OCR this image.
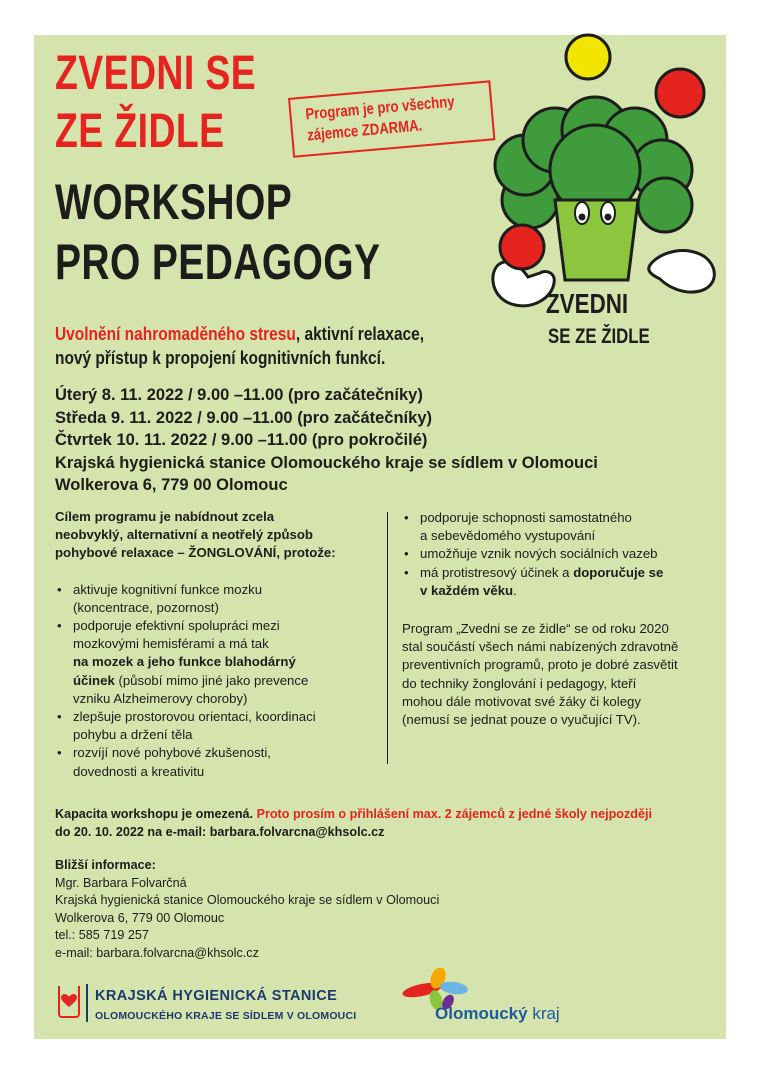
ZVEDNI SE
ZE ŽIDLE
WORKSHOP
PRO PEDAGOGY
Program je pro všechny
zájemce ZDARMA.
ZVEDNI
SE ZE ŽIDLE
Uvolnění nahromaděného stresu, aktivní relaxace,
nový přístup k propojení kognitivních funkcí.
Úterý 8. 11. 2022 / 9.00 –11.00 (pro začátečníky)
Středa 9. 11. 2022 / 9.00 –11.00 (pro začátečníky)
Čtvrtek 10. 11. 2022 / 9.00 –11.00 (pro pokročilé)
Krajská hygienická stanice Olomouckého kraje se sídlem v Olomouci
Wolkerova 6, 779 00 Olomouc
Cílem programu je nabídnout zcela
neobvyklý, alternativní a neotřelý způsob
pohybové relaxace – ŽONGLOVÁNÍ, protože:
• aktivuje kognitivní funkce mozku
(koncentrace, pozornost)
• podporuje efektivní spolupráci mezi
mozkovými hemisférami a má tak
na mozek a jeho funkce blahodárný
účinek (působí mimo jiné jako prevence
vzniku Alzheimerovy choroby)
• zlepšuje prostorovou orientaci, koordinaci
pohybu a držení těla
• rozvíjí nové pohybové zkušenosti,
dovednosti a kreativitu
• podporuje schopnosti samostatného
a sebevědomého vystupování
• umožňuje vznik nových sociálních vazeb
• má protistresový účinek a doporučuje se
v každém věku.
Program „Zvedni se ze židle“ se od roku 2020
stal součástí všech námi nabízených zdravotně
preventivních programů, proto je dobré zasvětit
do techniky žonglování i pedagogy, kteří
mohou dále motivovat své žáky či kolegy
(nemusí se jednat pouze o vyučující TV).
Kapacita workshopu je omezená. Proto prosím o přihlášení max. 2 zájemců z jedné školy nejpozději
do 20. 10. 2022 na e-mail: barbara.folvarcna@khsolc.cz
Bližší informace:
Mgr. Barbara Folvarčná
Krajská hygienická stanice Olomouckého kraje se sídlem v Olomouci
Wolkerova 6, 779 00 Olomouc
tel.: 585 719 257
e-mail: barbara.folvarcna@khsolc.cz
KRAJSKÁ HYGIENICKÁ STANICE
OLOMOUCKÉHO KRAJE SE SÍDLEM V OLOMOUCI	Olomoucký kraj
